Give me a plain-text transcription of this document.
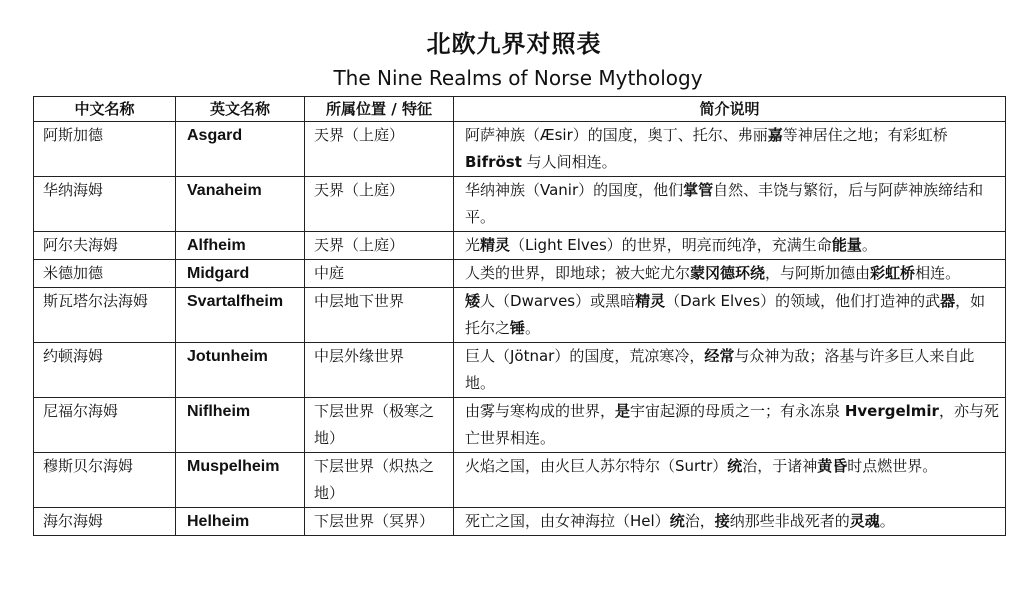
北欧九界对照表
The Nine Realms of Norse Mythology
中文名称	英文名称	所属位置 / 特征	简介说明
阿斯加德	Asgard	天界（上庭）	阿萨神族（Æsir）的国度，奥丁、托尔、弗丽嘉等神居住之地；有彩虹桥 Bifröst 与人间相连。
华纳海姆	Vanaheim	天界（上庭）	华纳神族（Vanir）的国度，他们掌管自然、丰饶与繁衍，后与阿萨神族缔结和平。
阿尔夫海姆	Alfheim	天界（上庭）	光精灵（Light Elves）的世界，明亮而纯净，充满生命能量。
米德加德	Midgard	中庭	人类的世界，即地球；被大蛇尤尔蒙冈德环绕，与阿斯加德由彩虹桥相连。
斯瓦塔尔法海姆	Svartalfheim	中层地下世界	矮人（Dwarves）或黑暗精灵（Dark Elves）的领域，他们打造神的武器，如托尔之锤。
约顿海姆	Jotunheim	中层外缘世界	巨人（Jötnar）的国度，荒凉寒冷，经常与众神为敌；洛基与许多巨人来自此地。
尼福尔海姆	Niflheim	下层世界（极寒之地）	由雾与寒构成的世界，是宇宙起源的母质之一；有永冻泉 Hvergelmir，亦与死亡世界相连。
穆斯贝尔海姆	Muspelheim	下层世界（炽热之地）	火焰之国，由火巨人苏尔特尔（Surtr）统治，于诸神黄昏时点燃世界。
海尔海姆	Helheim	下层世界（冥界）	死亡之国，由女神海拉（Hel）统治，接纳那些非战死者的灵魂。
